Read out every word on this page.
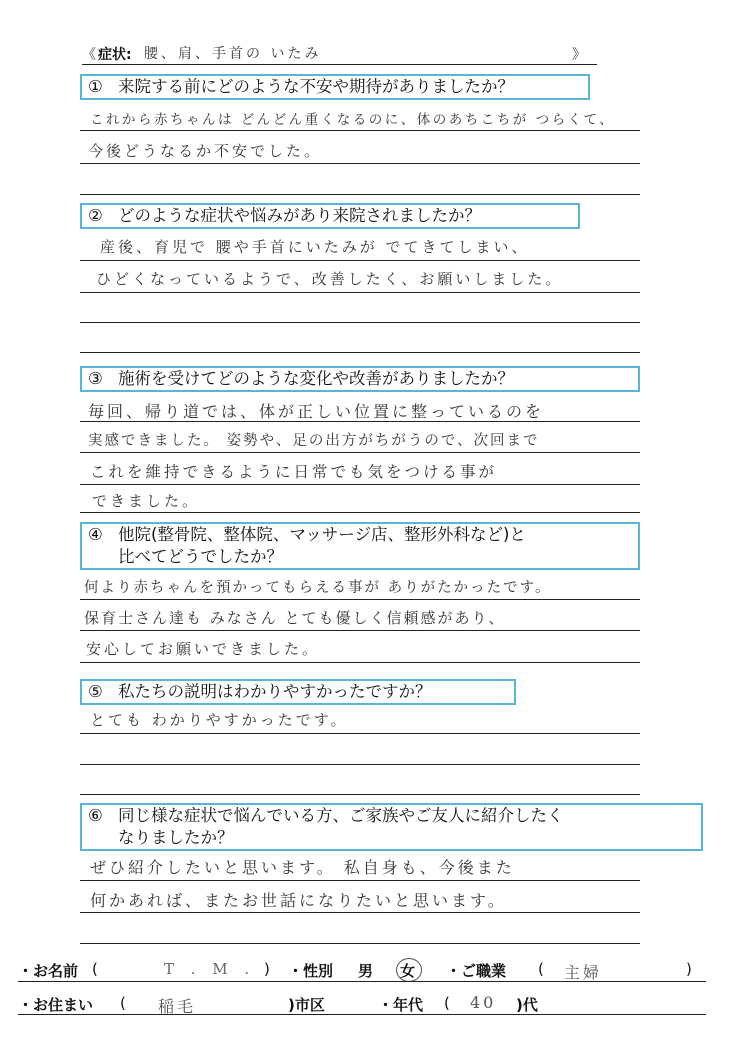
《 症状: 腰、肩、手首の いたみ	》
① 来院する前にどのような不安や期待がありましたか？
これから赤ちゃんは どんどん重くなるのに、体のあちこちが つらくて、
今後どうなるか不安でした。
② どのような症状や悩みがあり来院されましたか？
産後、育児で 腰や手首にいたみが でてきてしまい、
ひどくなっているようで、改善したく、お願いしました。
③ 施術を受けてどのような変化や改善がありましたか？
毎回、帰り道では、体が正しい位置に整っているのを
実感できました。 姿勢や、足の出方がちがうので、次回まで
これを維持できるように日常でも気をつける事が
できました。
④ 他院(整骨院、整体院、マッサージ店、整形外科など)と
比べてどうでしたか？
何より赤ちゃんを預かってもらえる事が ありがたかったです。
保育士さん達も みなさん とても優しく信頼感があり、
安心してお願いできました。
⑤ 私たちの説明はわかりやすかったですか？
とても わかりやすかったです。
⑥ 同じ様な症状で悩んでいる方、ご家族やご友人に紹介したく
なりましたか？
ぜひ紹介したいと思います。 私自身も、今後また
何かあれば、またお世話になりたいと思います。
・お名前 (	T . M . ) ・性別 男 女 ・ご職業 ( 主婦	)
・お住まい ( 稲毛	)市区	・年代 ( 40 )代
